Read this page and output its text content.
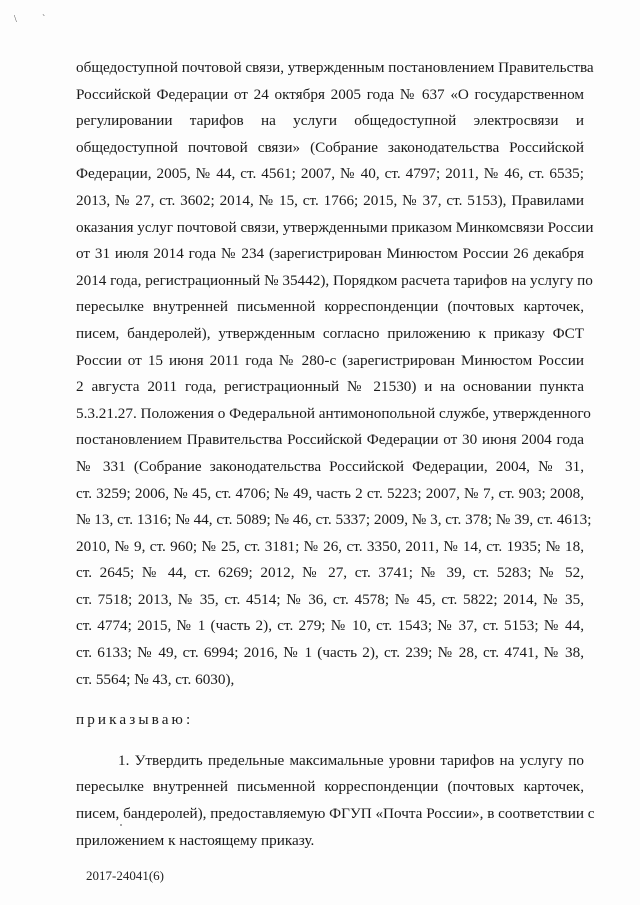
\	`
общедоступной почтовой связи, утвержденным постановлением Правительства
Российской Федерации от 24 октября 2005 года № 637 «О государственном
регулировании тарифов на услуги общедоступной электросвязи и
общедоступной почтовой связи» (Собрание законодательства Российской
Федерации, 2005, № 44, ст. 4561; 2007, № 40, ст. 4797; 2011, № 46, ст. 6535;
2013, № 27, ст. 3602; 2014, № 15, ст. 1766; 2015, № 37, ст. 5153), Правилами
оказания услуг почтовой связи, утвержденными приказом Минкомсвязи России
от 31 июля 2014 года № 234 (зарегистрирован Минюстом России 26 декабря
2014 года, регистрационный № 35442), Порядком расчета тарифов на услугу по
пересылке внутренней письменной корреспонденции (почтовых карточек,
писем, бандеролей), утвержденным согласно приложению к приказу ФСТ
России от 15 июня 2011 года № 280-с (зарегистрирован Минюстом России
2 августа 2011 года, регистрационный № 21530) и на основании пункта
5.3.21.27. Положения о Федеральной антимонопольной службе, утвержденного
постановлением Правительства Российской Федерации от 30 июня 2004 года
№ 331 (Собрание законодательства Российской Федерации, 2004, № 31,
ст. 3259; 2006, № 45, ст. 4706; № 49, часть 2 ст. 5223; 2007, № 7, ст. 903; 2008,
№ 13, ст. 1316; № 44, ст. 5089; № 46, ст. 5337; 2009, № 3, ст. 378; № 39, ст. 4613;
2010, № 9, ст. 960; № 25, ст. 3181; № 26, ст. 3350, 2011, № 14, ст. 1935; № 18,
ст. 2645; № 44, ст. 6269; 2012, № 27, ст. 3741; № 39, ст. 5283; № 52,
ст. 7518; 2013, № 35, ст. 4514; № 36, ст. 4578; № 45, ст. 5822; 2014, № 35,
ст. 4774; 2015, № 1 (часть 2), ст. 279; № 10, ст. 1543; № 37, ст. 5153; № 44,
ст. 6133; № 49, ст. 6994; 2016, № 1 (часть 2), ст. 239; № 28, ст. 4741, № 38,
ст. 5564; № 43, ст. 6030),
приказываю:
1. Утвердить предельные максимальные уровни тарифов на услугу по
пересылке внутренней письменной корреспонденции (почтовых карточек,
писем, бандеролей), предоставляемую ФГУП «Почта России», в соответствии с
приложением к настоящему приказу.
2017-24041(6)
